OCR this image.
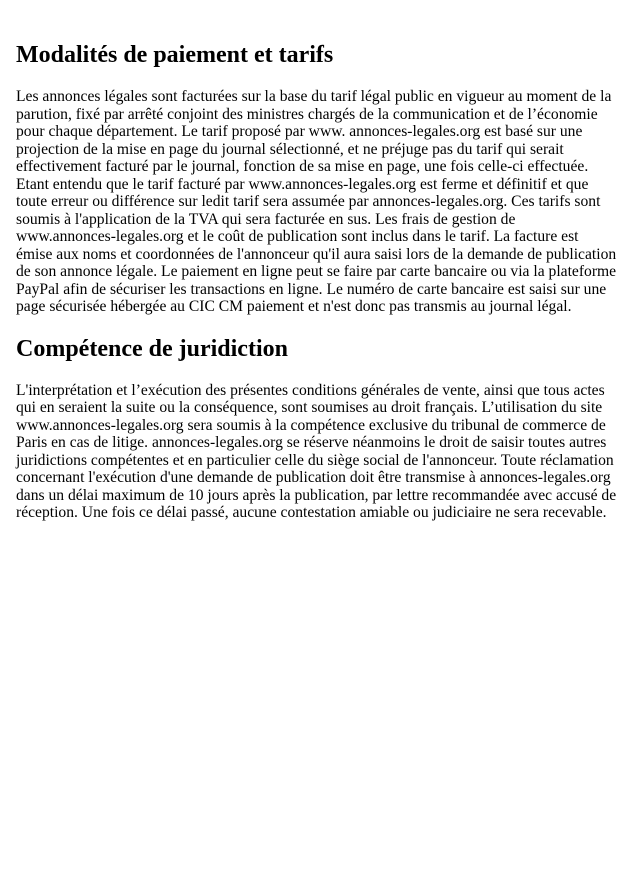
Modalités de paiement et tarifs

Les annonces légales sont facturées sur la base du tarif légal public en vigueur au moment de la parution, fixé par arrêté conjoint des ministres chargés de la communication et de l’économie pour chaque département. Le tarif proposé par www. annonces-legales.org est basé sur une projection de la mise en page du journal sélectionné, et ne préjuge pas du tarif qui serait effectivement facturé par le journal, fonction de sa mise en page, une fois celle-ci effectuée. Etant entendu que le tarif facturé par www.annonces-legales.org est ferme et définitif et que toute erreur ou différence sur ledit tarif sera assumée par annonces-legales.org. Ces tarifs sont soumis à l'application de la TVA qui sera facturée en sus. Les frais de gestion de www.annonces-legales.org et le coût de publication sont inclus dans le tarif. La facture est émise aux noms et coordonnées de l'annonceur qu'il aura saisi lors de la demande de publication de son annonce légale. Le paiement en ligne peut se faire par carte bancaire ou via la plateforme PayPal afin de sécuriser les transactions en ligne. Le numéro de carte bancaire est saisi sur une page sécurisée hébergée au CIC CM paiement et n'est donc pas transmis au journal légal.

Compétence de juridiction

L'interprétation et l’exécution des présentes conditions générales de vente, ainsi que tous actes qui en seraient la suite ou la conséquence, sont soumises au droit français. L’utilisation du site www.annonces-legales.org sera soumis à la compétence exclusive du tribunal de commerce de Paris en cas de litige. annonces-legales.org se réserve néanmoins le droit de saisir toutes autres juridictions compétentes et en particulier celle du siège social de l'annonceur. Toute réclamation concernant l'exécution d'une demande de publication doit être transmise à annonces-legales.org dans un délai maximum de 10 jours après la publication, par lettre recommandée avec accusé de réception. Une fois ce délai passé, aucune contestation amiable ou judiciaire ne sera recevable.
